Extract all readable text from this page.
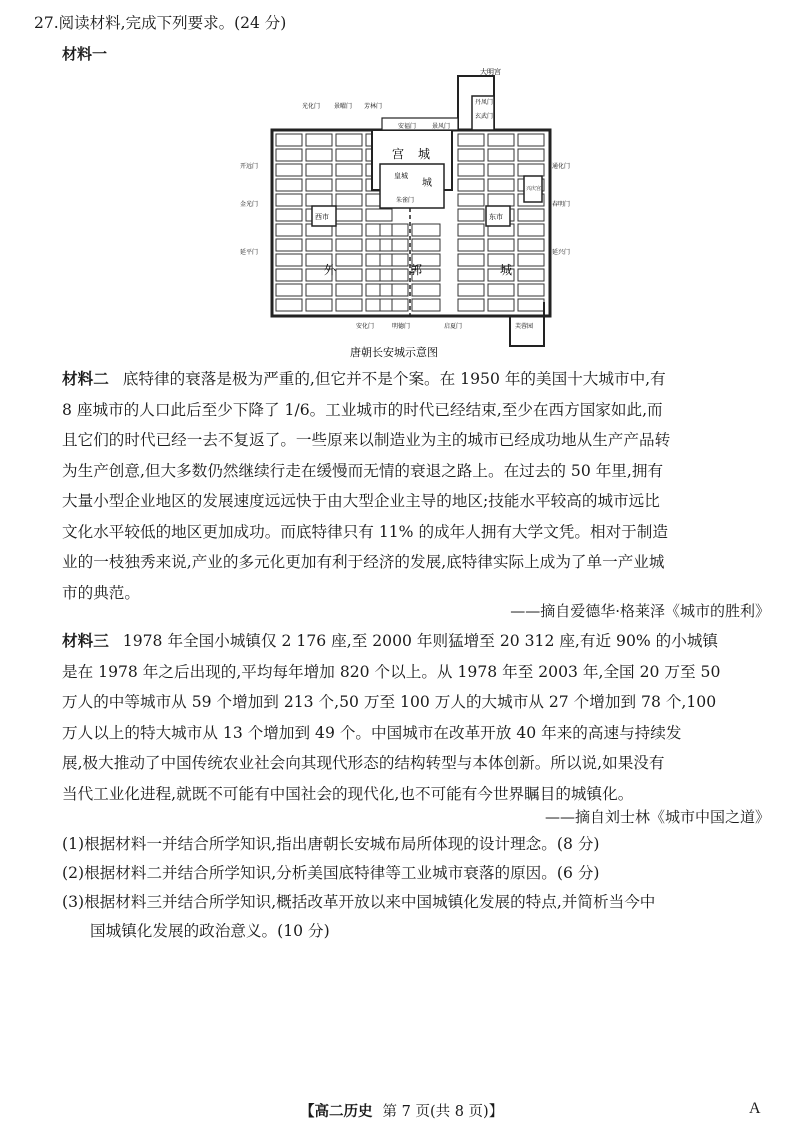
27.阅读材料,完成下列要求。(24 分)
材料一
大明宫
丹凤门
玄武门
安福门	景风门
宫 城
皇城
城
朱雀门
光化门 景曜门 芳林门
开远门
金光门
延平门
通化门
春明门
延兴门
安化门	明德门	启夏门
西市	东市
兴庆宫
芙蓉园
外	郭	城
唐朝长安城示意图
材料二 底特律的衰落是极为严重的,但它并不是个案。在 1950 年的美国十大城市中,有
8 座城市的人口此后至少下降了 1/6。工业城市的时代已经结束,至少在西方国家如此,而
且它们的时代已经一去不复返了。一些原来以制造业为主的城市已经成功地从生产产品转
为生产创意,但大多数仍然继续行走在缓慢而无情的衰退之路上。在过去的 50 年里,拥有
大量小型企业地区的发展速度远远快于由大型企业主导的地区;技能水平较高的城市远比
文化水平较低的地区更加成功。而底特律只有 11% 的成年人拥有大学文凭。相对于制造
业的一枝独秀来说,产业的多元化更加有利于经济的发展,底特律实际上成为了单一产业城
市的典范。
——摘自爱德华·格莱泽《城市的胜利》
材料三 1978 年全国小城镇仅 2 176 座,至 2000 年则猛增至 20 312 座,有近 90% 的小城镇
是在 1978 年之后出现的,平均每年增加 820 个以上。从 1978 年至 2003 年,全国 20 万至 50
万人的中等城市从 59 个增加到 213 个,50 万至 100 万人的大城市从 27 个增加到 78 个,100
万人以上的特大城市从 13 个增加到 49 个。中国城市在改革开放 40 年来的高速与持续发
展,极大推动了中国传统农业社会向其现代形态的结构转型与本体创新。所以说,如果没有
当代工业化进程,就既不可能有中国社会的现代化,也不可能有今世界瞩目的城镇化。
——摘自刘士林《城市中国之道》
(1)根据材料一并结合所学知识,指出唐朝长安城布局所体现的设计理念。(8 分)
(2)根据材料二并结合所学知识,分析美国底特律等工业城市衰落的原因。(6 分)
(3)根据材料三并结合所学知识,概括改革开放以来中国城镇化发展的特点,并简析当今中
国城镇化发展的政治意义。(10 分)
【高二历史 第 7 页(共 8 页)】	A
